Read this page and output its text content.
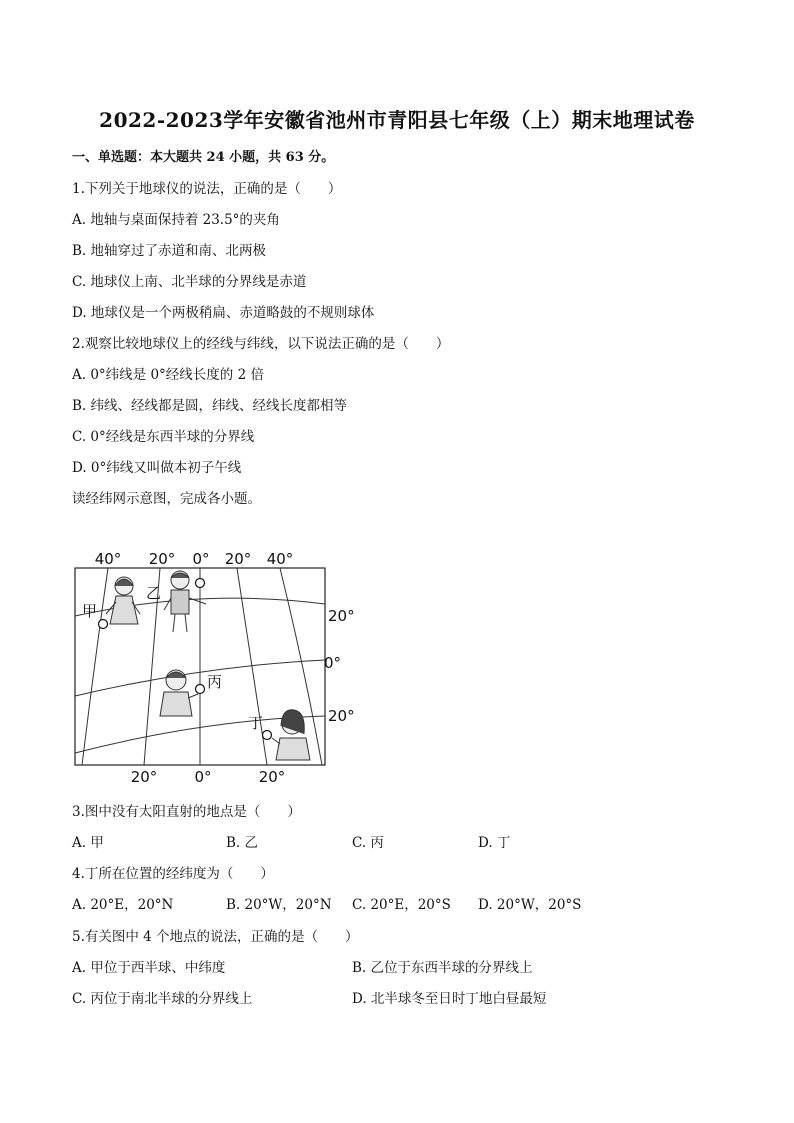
2022-2023学年安徽省池州市青阳县七年级（上）期末地理试卷
一、单选题：本大题共 24 小题，共 63 分。
1.下列关于地球仪的说法，正确的是（　　）
A. 地轴与桌面保持着 23.5°的夹角
B. 地轴穿过了赤道和南、北两极
C. 地球仪上南、北半球的分界线是赤道
D. 地球仪是一个两极稍扁、赤道略鼓的不规则球体
2.观察比较地球仪上的经线与纬线，以下说法正确的是（　　）
A. 0°纬线是 0°经线长度的 2 倍
B. 纬线、经线都是圆，纬线、经线长度都相等
C. 0°经线是东西半球的分界线
D. 0°纬线又叫做本初子午线
读经纬网示意图，完成各小题。
40° 20° 0° 20° 40°
20°
0°
20°
20° 0°	20°
甲
乙
丙
丁
3.图中没有太阳直射的地点是（　　）
A. 甲	B. 乙	C. 丙	D. 丁
4.丁所在位置的经纬度为（　　）
A. 20°E，20°N	B. 20°W，20°N C. 20°E，20°S D. 20°W，20°S
5.有关图中 4 个地点的说法，正确的是（　　）
A. 甲位于西半球、中纬度	B. 乙位于东西半球的分界线上
C. 丙位于南北半球的分界线上	D. 北半球冬至日时丁地白昼最短
